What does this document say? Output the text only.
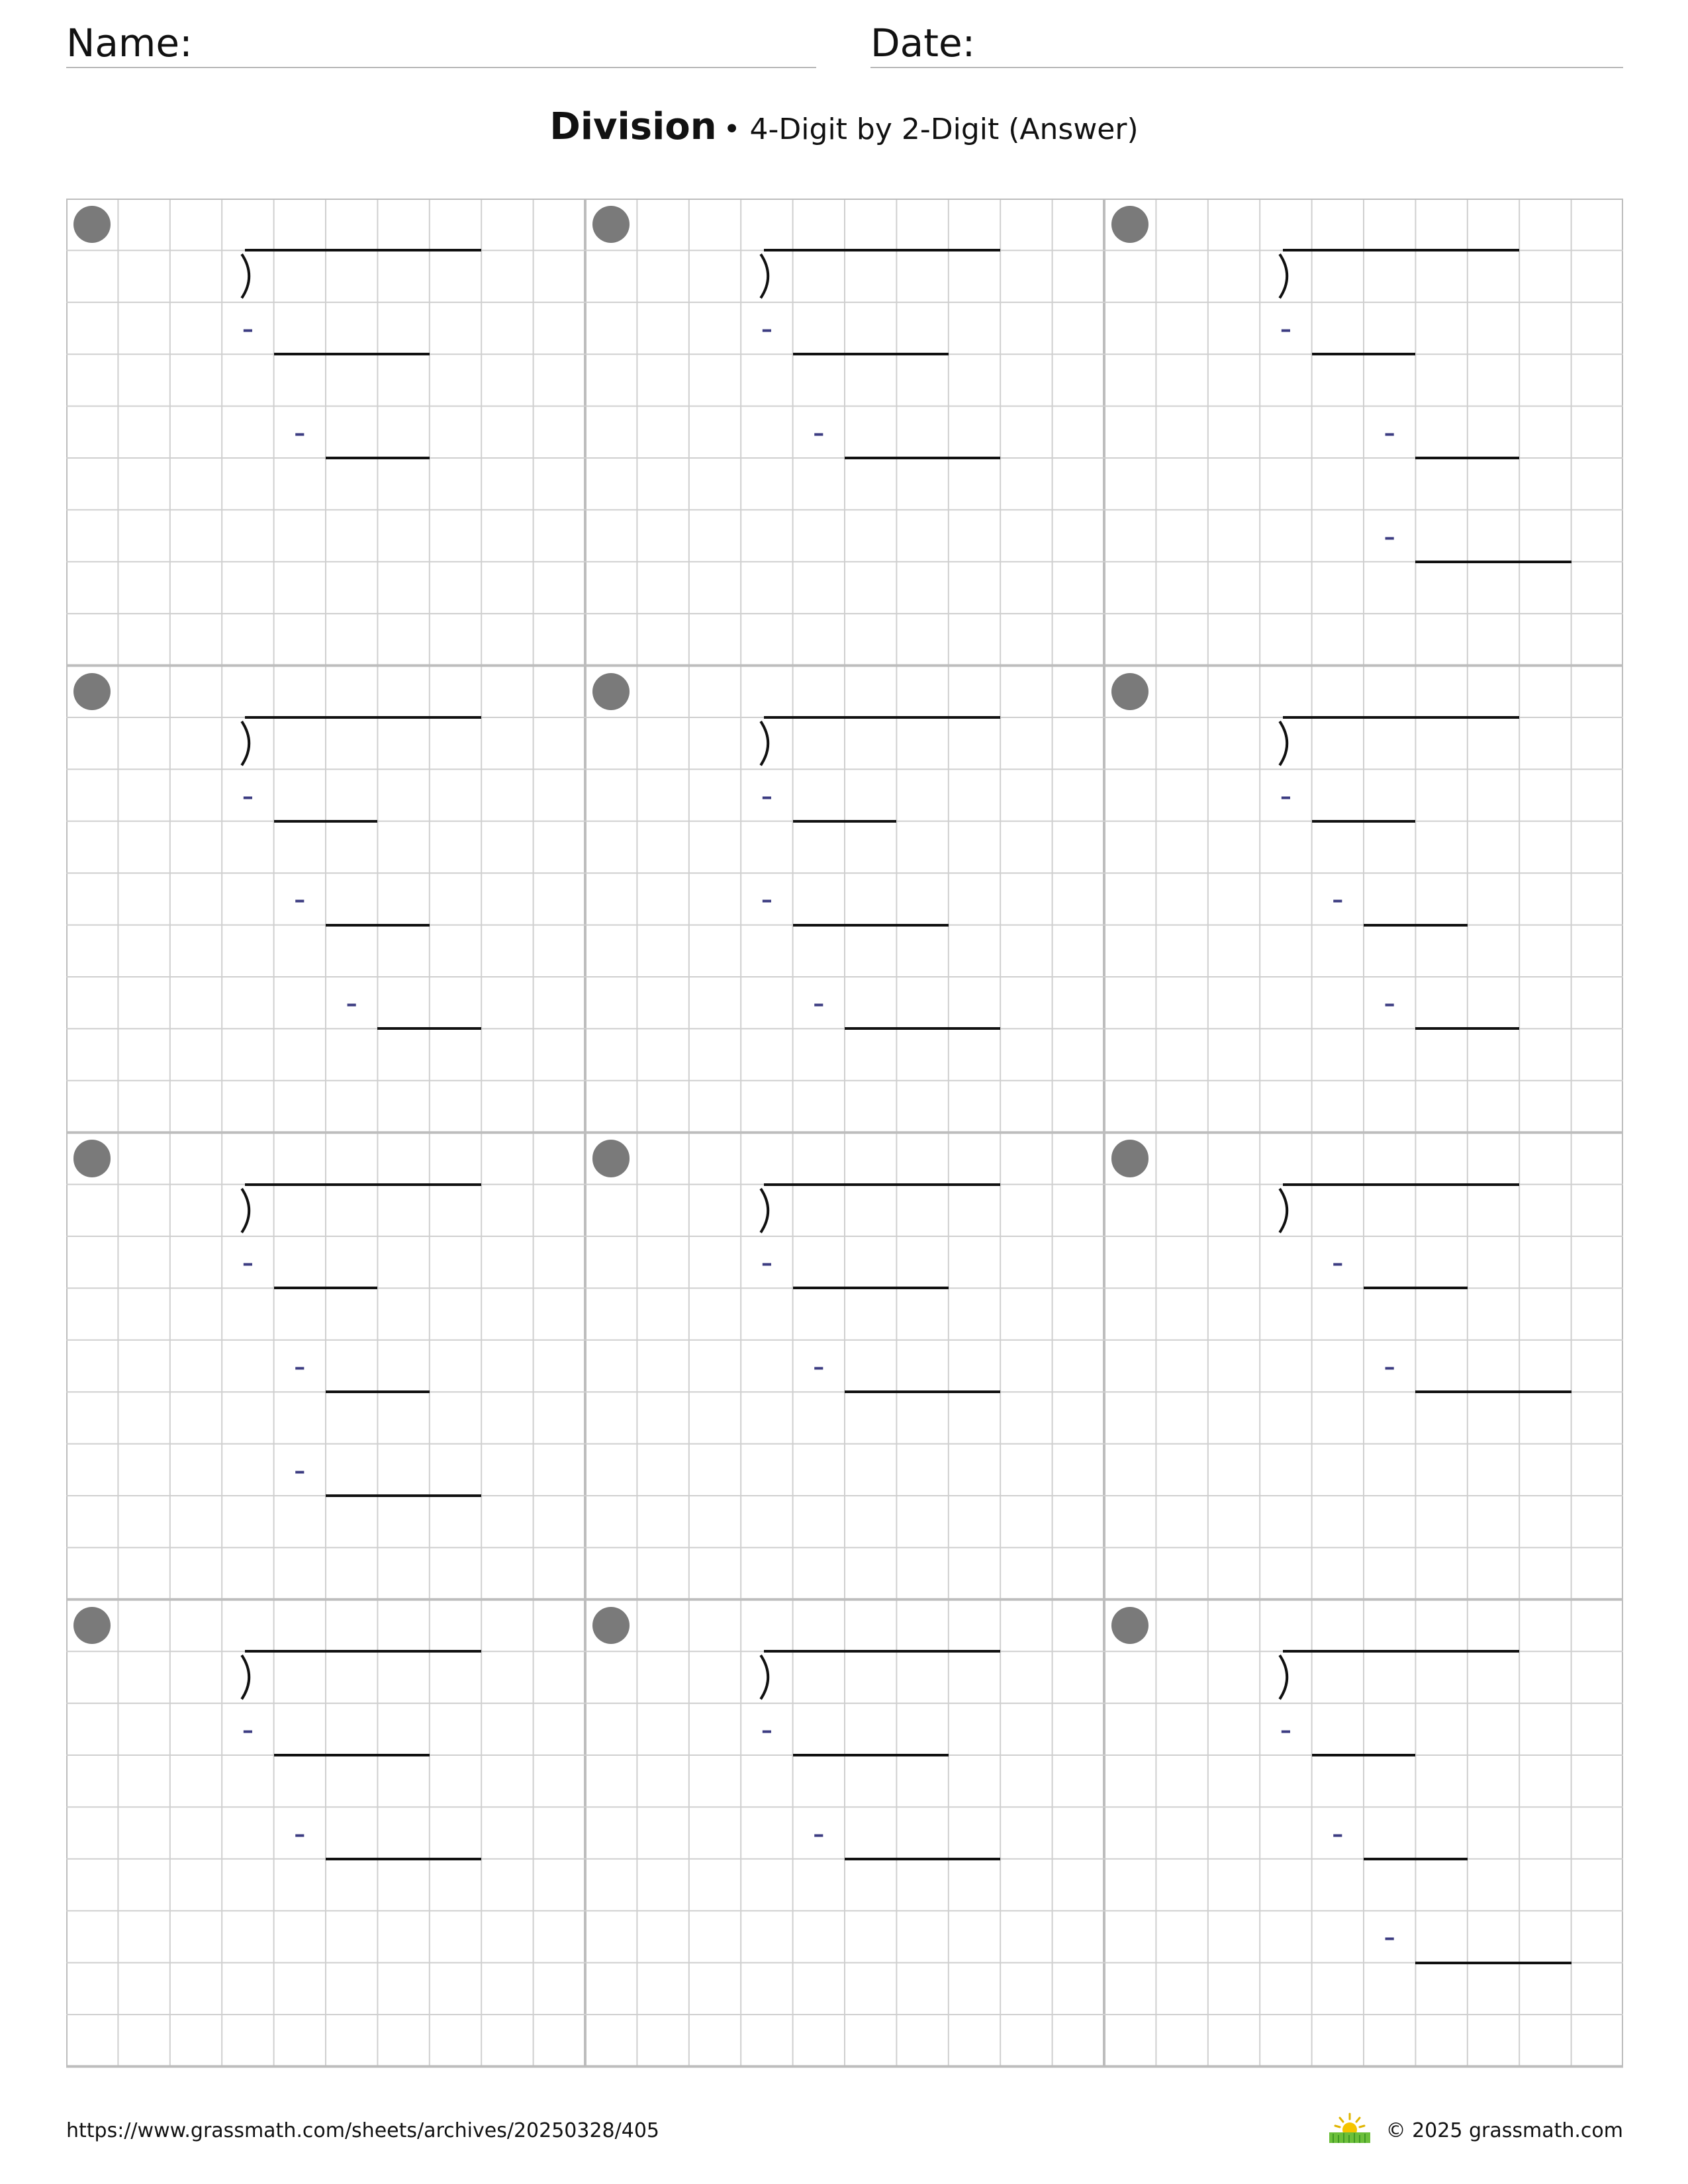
Name:	Date:
Division • 4-Digit by 2-Digit (Answer)
-
-
-
-
-
-
-
-
-
-
-
-
-
-
-
-
-
-
-
-
-
-
-
-
-
-
-
-
-
-
https://www.grassmath.com/sheets/archives/20250328/405	© 2025 grassmath.com
